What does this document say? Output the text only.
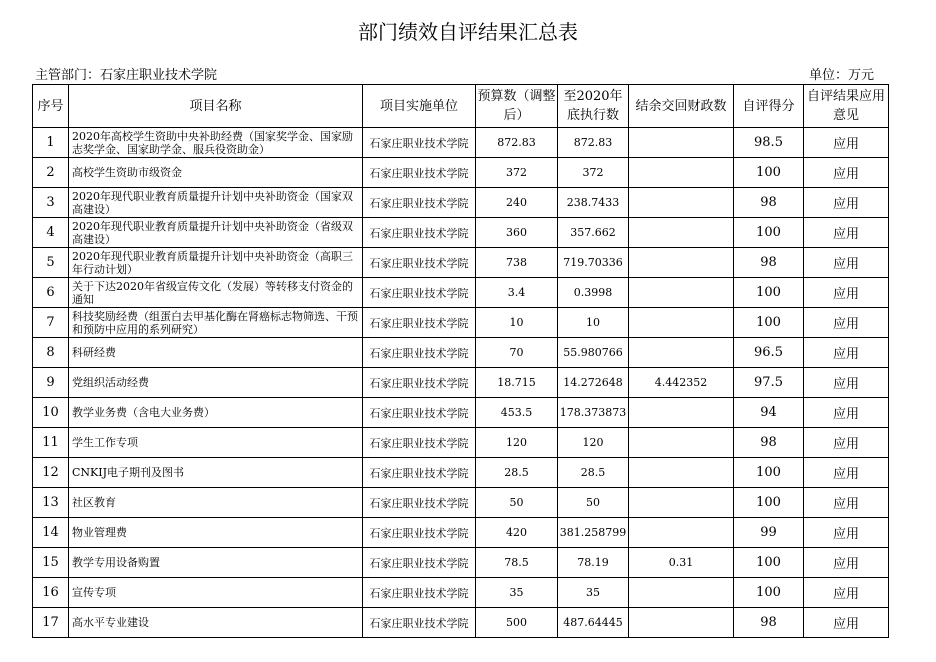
部门绩效自评结果汇总表
主管部门：石家庄职业技术学院	单位：万元
序号	项目名称	项目实施单位	预算数（调整后）	至2020年底执行数	结余交回财政数	自评得分	自评结果应用意见
1	2020年高校学生资助中央补助经费（国家奖学金、国家励志奖学金、国家助学金、服兵役资助金）	石家庄职业技术学院	872.83	872.83		98.5	应用
2	高校学生资助市级资金	石家庄职业技术学院	372	372		100	应用
3	2020年现代职业教育质量提升计划中央补助资金（国家双高建设）	石家庄职业技术学院	240	238.7433		98	应用
4	2020年现代职业教育质量提升计划中央补助资金（省级双高建设）	石家庄职业技术学院	360	357.662		100	应用
5	2020年现代职业教育质量提升计划中央补助资金（高职三年行动计划）	石家庄职业技术学院	738	719.70336		98	应用
6	关于下达2020年省级宣传文化（发展）等转移支付资金的通知	石家庄职业技术学院	3.4	0.3998		100	应用
7	科技奖励经费（组蛋白去甲基化酶在肾癌标志物筛选、干预和预防中应用的系列研究）	石家庄职业技术学院	10	10		100	应用
8	科研经费	石家庄职业技术学院	70	55.980766		96.5	应用
9	党组织活动经费	石家庄职业技术学院	18.715	14.272648	4.442352	97.5	应用
10	教学业务费（含电大业务费）	石家庄职业技术学院	453.5	178.373873		94	应用
11	学生工作专项	石家庄职业技术学院	120	120		98	应用
12	CNKIJ电子期刊及图书	石家庄职业技术学院	28.5	28.5		100	应用
13	社区教育	石家庄职业技术学院	50	50		100	应用
14	物业管理费	石家庄职业技术学院	420	381.258799		99	应用
15	教学专用设备购置	石家庄职业技术学院	78.5	78.19	0.31	100	应用
16	宣传专项	石家庄职业技术学院	35	35		100	应用
17	高水平专业建设	石家庄职业技术学院	500	487.64445		98	应用
